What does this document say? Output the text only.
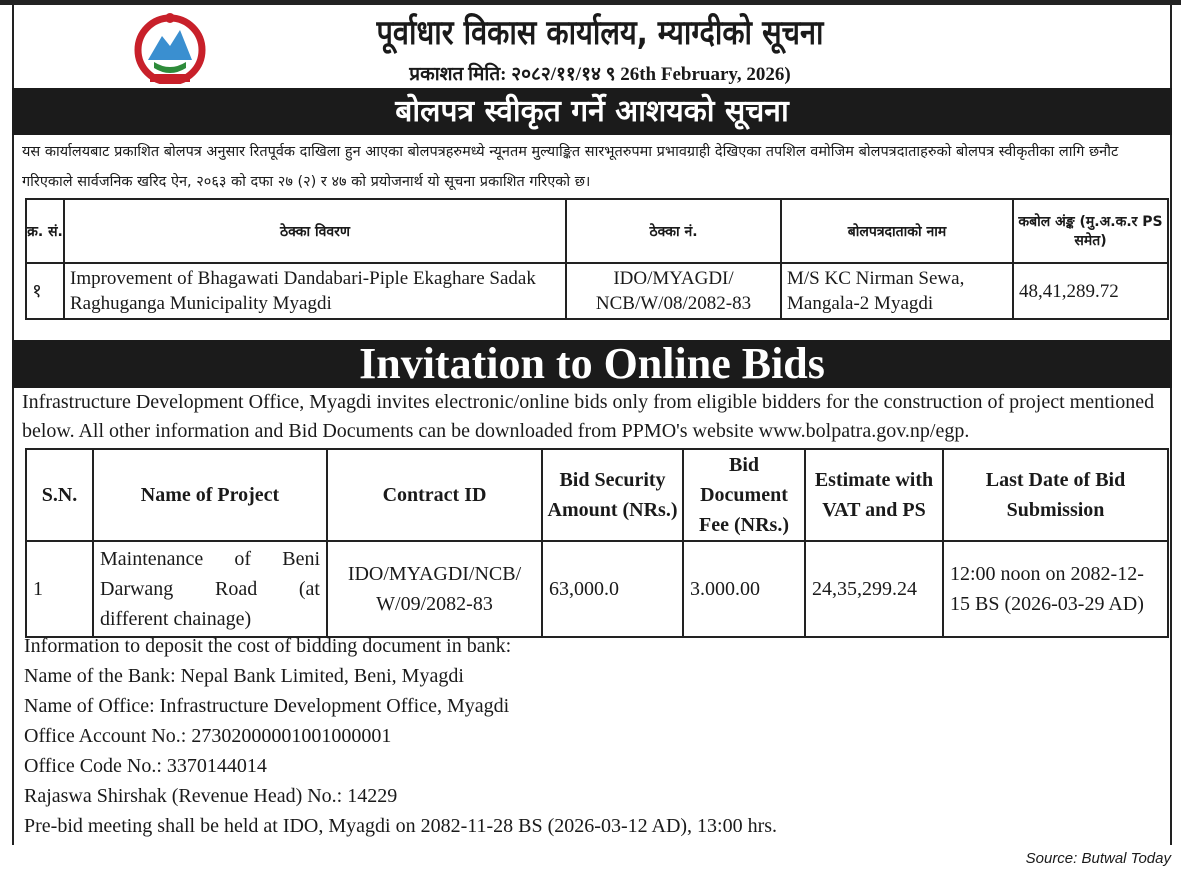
पूर्वाधार विकास कार्यालय, म्याग्दीको सूचना
प्रकाशत मिति: २०८२/११/१४ ९ 26th February, 2026)
बोलपत्र स्वीकृत गर्ने आशयको सूचना
यस कार्यालयबाट प्रकाशित बोलपत्र अनुसार रितपूर्वक दाखिला हुन आएका बोलपत्रहरुमध्ये न्यूनतम मुल्याङ्कित सारभूतरुपमा प्रभावग्राही देखिएका तपशिल वमोजिम बोलपत्रदाताहरुको बोलपत्र स्वीकृतीका लागि छनौट गरिएकाले सार्वजनिक खरिद ऐन, २०६३ को दफा २७ (२) र ४७ को प्रयोजनार्थ यो सूचना प्रकाशित गरिएको छ।
क्र. सं.	ठेक्का विवरण	ठेक्का नं.	बोलपत्रदाताको नाम	कबोल अंङ्क (मु.अ.क.र PS समेत)
१	Improvement of Bhagawati Dandabari-Piple Ekaghare Sadak Raghuganga Municipality Myagdi	IDO/MYAGDI/ NCB/W/08/2082-83	M/S KC Nirman Sewa, Mangala-2 Myagdi	48,41,289.72
Invitation to Online Bids
Infrastructure Development Office, Myagdi invites electronic/online bids only from eligible bidders for the construction of project mentioned below. All other information and Bid Documents can be downloaded from PPMO's website www.bolpatra.gov.np/egp.
S.N.	Name of Project	Contract ID	Bid Security Amount (NRs.)	Bid Document Fee (NRs.)	Estimate with VAT and PS	Last Date of Bid Submission
1	Maintenance of Beni Darwang Road (at different chainage)	IDO/MYAGDI/NCB/ W/09/2082-83	63,000.0	3.000.00	24,35,299.24	12:00 noon on 2082-12-15 BS (2026-03-29 AD)
Information to deposit the cost of bidding document in bank:
Name of the Bank: Nepal Bank Limited, Beni, Myagdi
Name of Office: Infrastructure Development Office, Myagdi
Office Account No.: 27302000001001000001
Office Code No.: 3370144014
Rajaswa Shirshak (Revenue Head) No.: 14229
Pre-bid meeting shall be held at IDO, Myagdi on 2082-11-28 BS (2026-03-12 AD), 13:00 hrs.
Source: Butwal Today
